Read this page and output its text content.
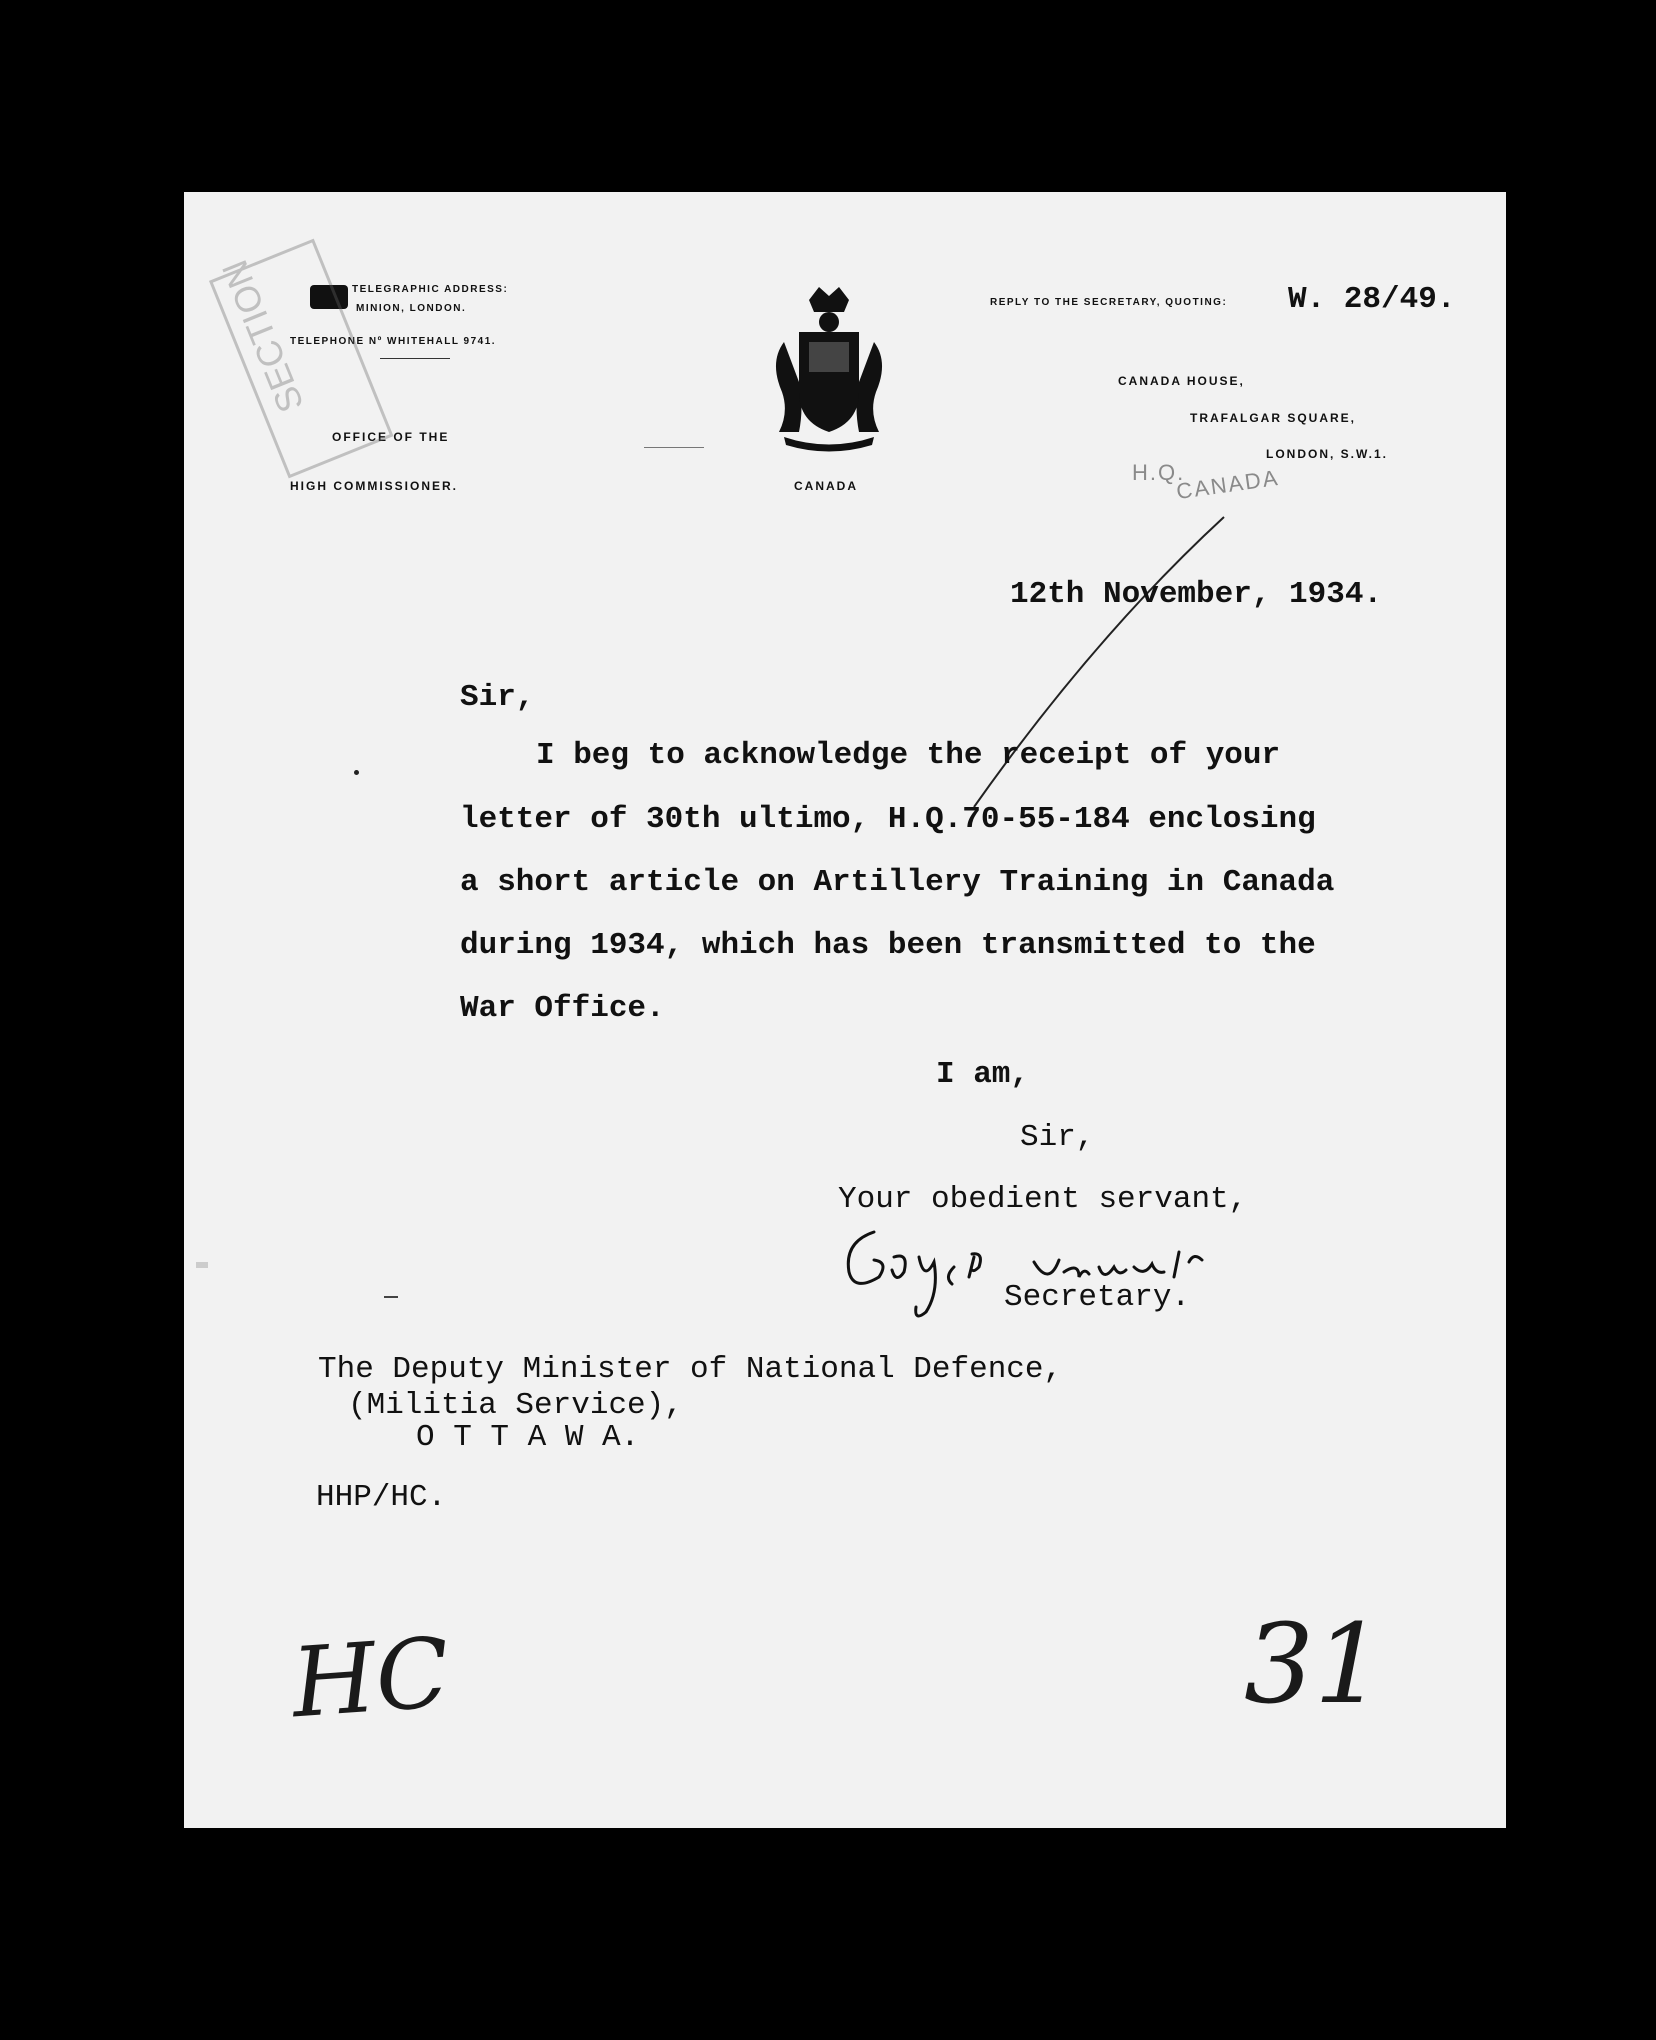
TELEGRAPHIC ADDRESS:
MINION, LONDON.
TELEPHONE Nº WHITEHALL 9741.
OFFICE OF THE
HIGH COMMISSIONER.
SECTION
CANADA
REPLY TO THE SECRETARY, QUOTING: W. 28/49.
CANADA HOUSE,
TRAFALGAR SQUARE,
LONDON, S.W.1.
H.Q.
CANADA
12th November, 1934.
Sir,
I beg to acknowledge the receipt of your
letter of 30th ultimo, H.Q.70-55-184 enclosing
a short article on Artillery Training in Canada
during 1934, which has been transmitted to the
War Office.
I am,
Sir,
Your obedient servant,
Secretary.
The Deputy Minister of National Defence,
(Militia Service),
O T T A W A.
HHP/HC.
HC	31
